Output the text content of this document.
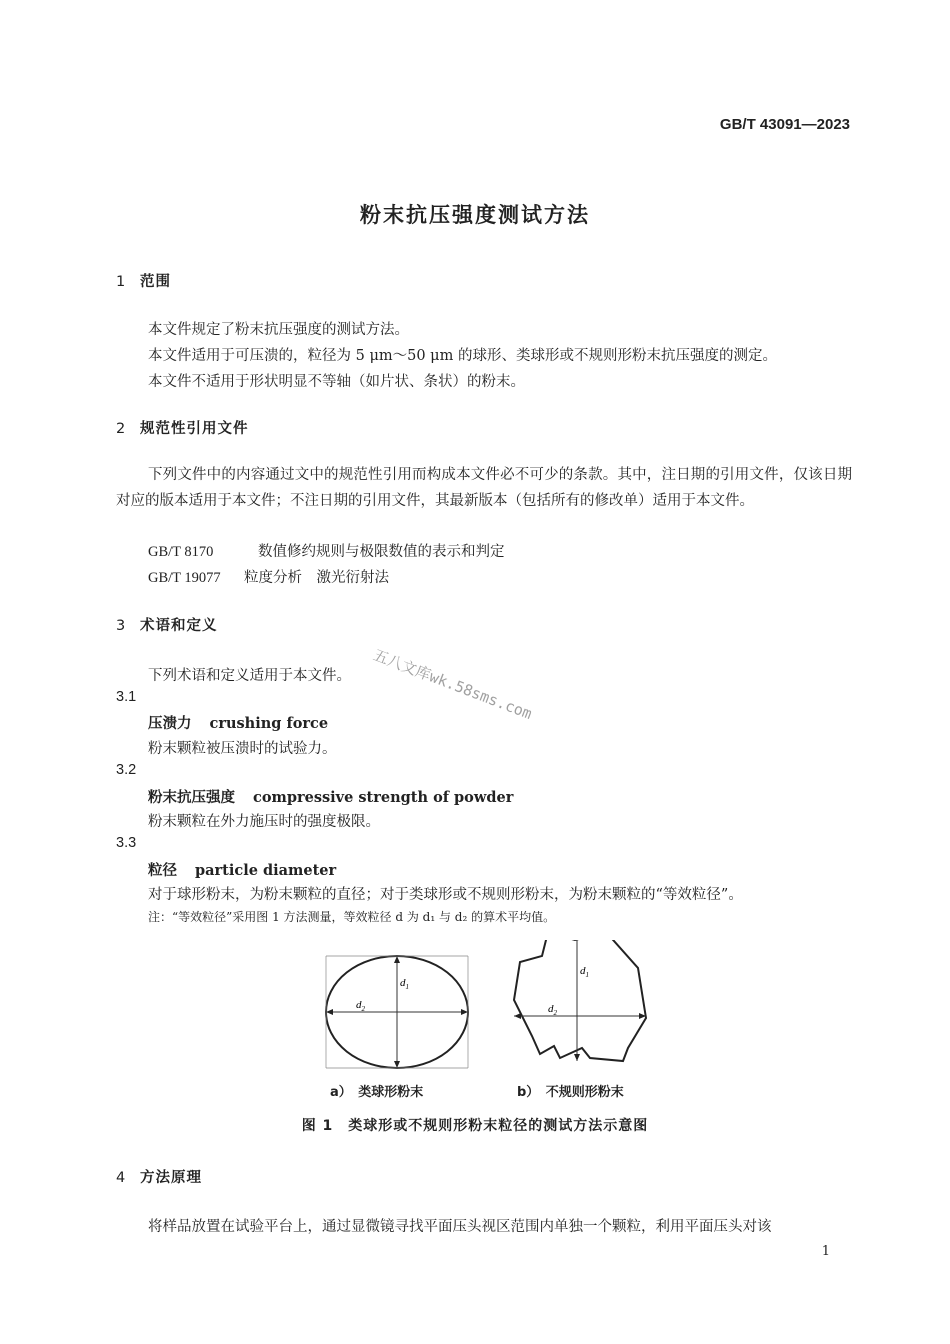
GB/T 43091—2023
粉末抗压强度测试方法
1 范围
本文件规定了粉末抗压强度的测试方法。
本文件适用于可压溃的，粒径为 5 μm～50 μm 的球形、类球形或不规则形粉末抗压强度的测定。
本文件不适用于形状明显不等轴（如片状、条状）的粉末。
2 规范性引用文件
下列文件中的内容通过文中的规范性引用而构成本文件必不可少的条款。其中，注日期的引用文件，仅该日期对应的版本适用于本文件；不注日期的引用文件，其最新版本（包括所有的修改单）适用于本文件。
GB/T 8170	数值修约规则与极限数值的表示和判定
GB/T 19077 粒度分析　激光衍射法
3 术语和定义
下列术语和定义适用于本文件。
3.1
压溃力 crushing force
粉末颗粒被压溃时的试验力。
3.2
粉末抗压强度 compressive strength of powder
粉末颗粒在外力施压时的强度极限。
3.3
粒径 particle diameter
对于球形粉末，为粉末颗粒的直径；对于类球形或不规则形粉末，为粉末颗粒的“等效粒径”。
注：“等效粒径”采用图 1 方法测量，等效粒径 d 为 d₁ 与 d₂ 的算术平均值。
$d_1$
$d_2$
$d_1$
$d_2$
a）　类球形粉末	b）　不规则形粉末
图 1　类球形或不规则形粉末粒径的测试方法示意图
4 方法原理
将样品放置在试验平台上，通过显微镜寻找平面压头视区范围内单独一个颗粒，利用平面压头对该
五八文库wk.58sms.com
1
